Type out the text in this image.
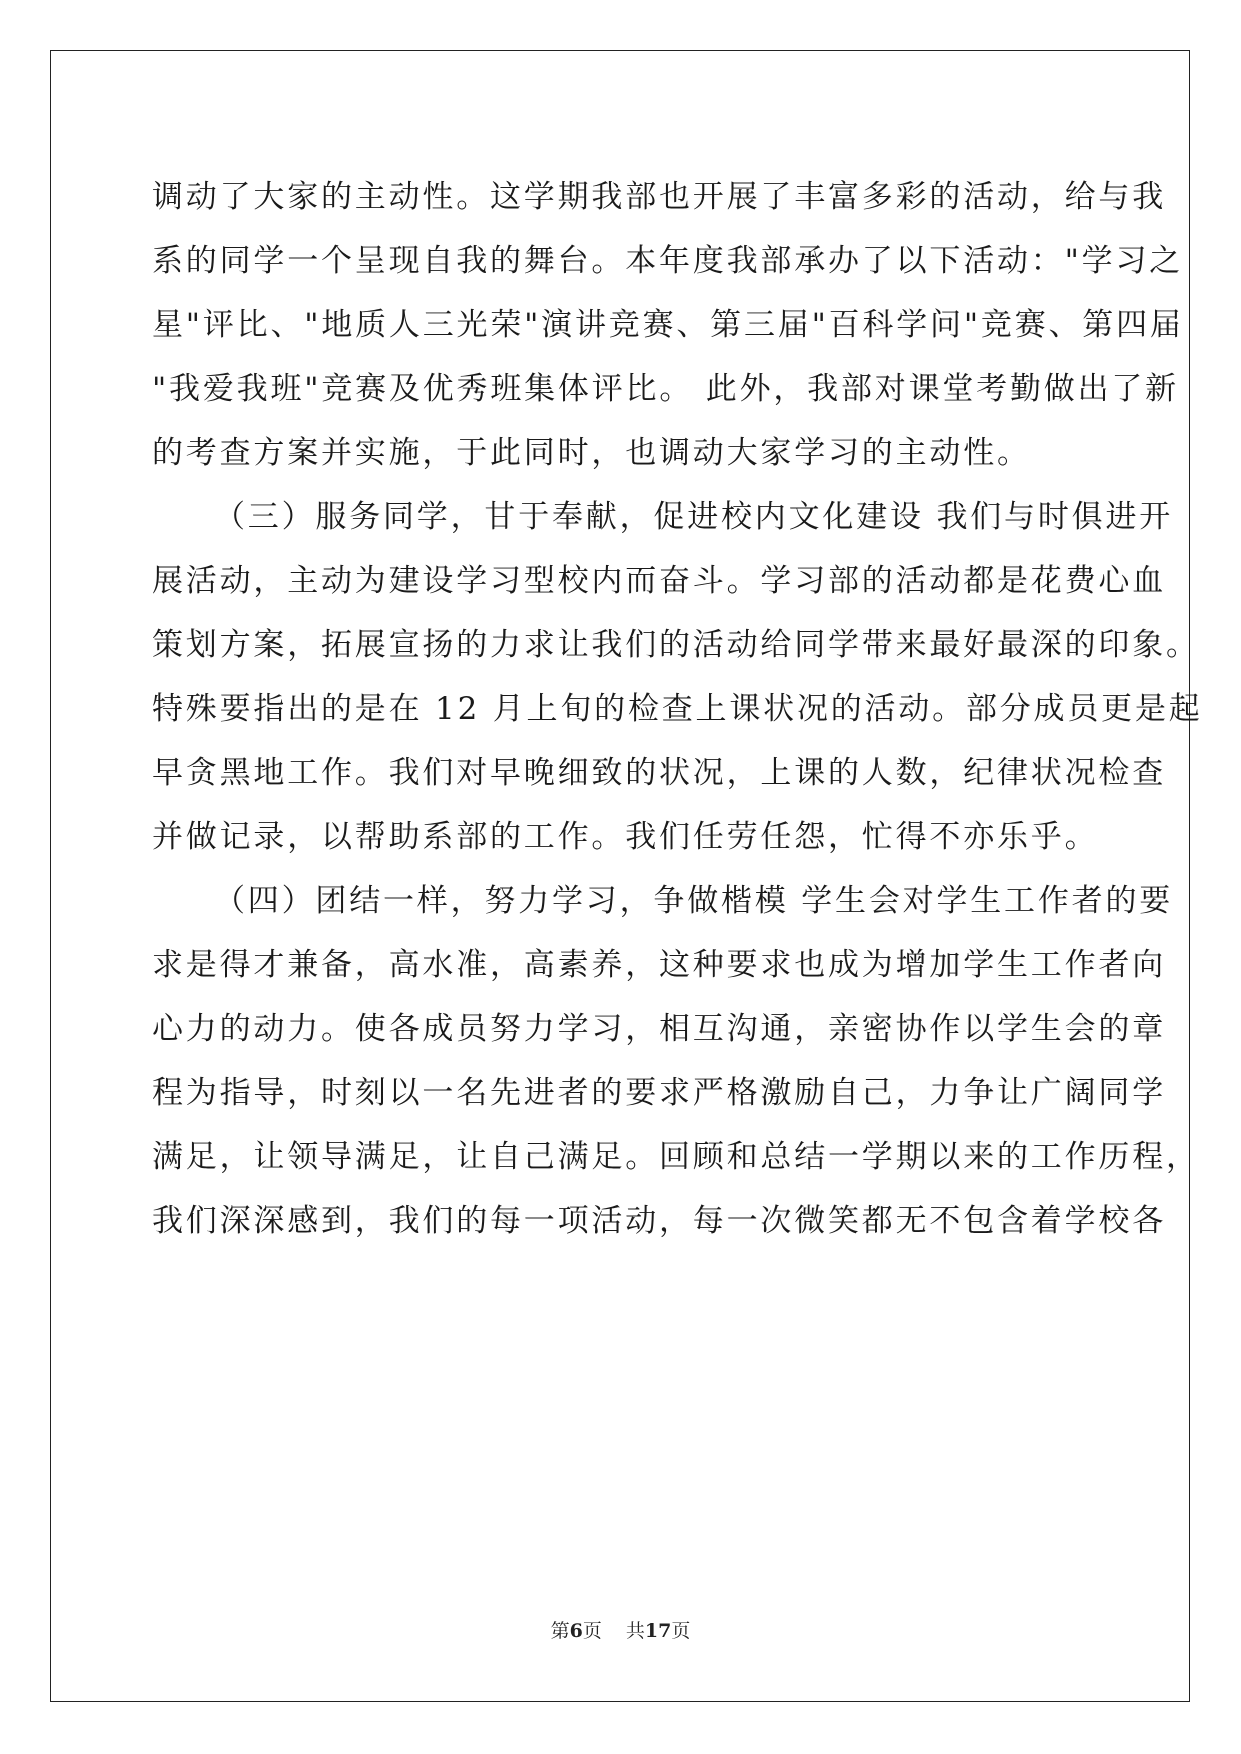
调动了大家的主动性。这学期我部也开展了丰富多彩的活动，给与我
系的同学一个呈现自我的舞台。本年度我部承办了以下活动："学习之
星"评比、"地质人三光荣"演讲竞赛、第三届"百科学问"竞赛、第四届
"我爱我班"竞赛及优秀班集体评比。 此外，我部对课堂考勤做出了新
的考查方案并实施，于此同时，也调动大家学习的主动性。
（三）服务同学，甘于奉献，促进校内文化建设 我们与时俱进开
展活动，主动为建设学习型校内而奋斗。学习部的活动都是花费心血
策划方案，拓展宣扬的力求让我们的活动给同学带来最好最深的印象。
特殊要指出的是在 12 月上旬的检查上课状况的活动。部分成员更是起
早贪黑地工作。我们对早晚细致的状况，上课的人数，纪律状况检查
并做记录，以帮助系部的工作。我们任劳任怨，忙得不亦乐乎。
（四）团结一样，努力学习，争做楷模 学生会对学生工作者的要
求是得才兼备，高水准，高素养，这种要求也成为增加学生工作者向
心力的动力。使各成员努力学习，相互沟通，亲密协作以学生会的章
程为指导，时刻以一名先进者的要求严格激励自己，力争让广阔同学
满足，让领导满足，让自己满足。回顾和总结一学期以来的工作历程，
我们深深感到，我们的每一项活动，每一次微笑都无不包含着学校各
第6页 共17页
